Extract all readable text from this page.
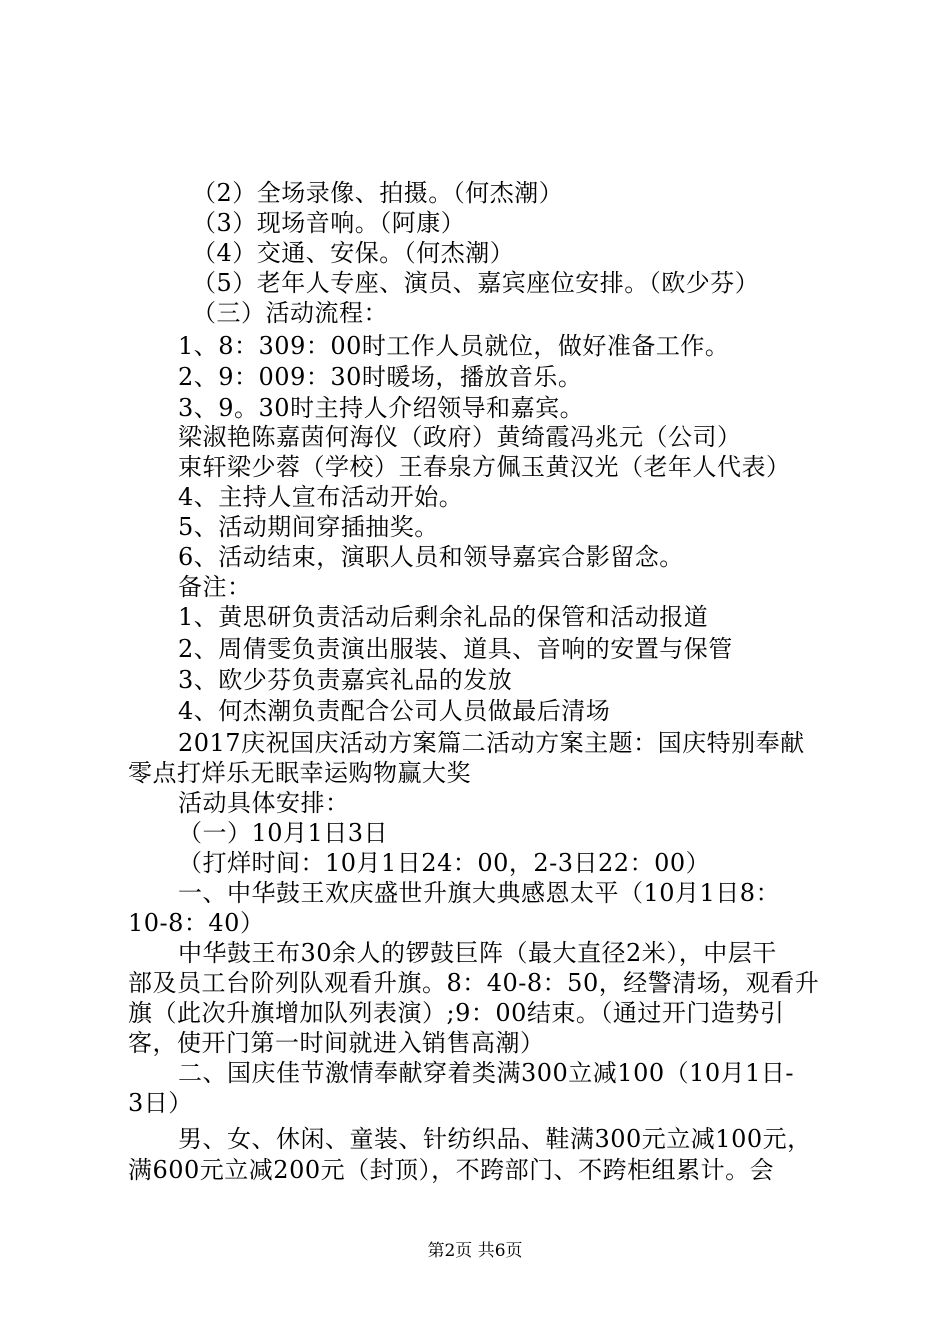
（2）全场录像、拍摄。（何杰潮）
（3）现场音响。（阿康）
（4）交通、安保。（何杰潮）
（5）老年人专座、演员、嘉宾座位安排。（欧少芬）
（三）活动流程：
1、8：309：00时工作人员就位，做好准备工作。
2、9：009：30时暖场，播放音乐。
3、9。30时主持人介绍领导和嘉宾。
梁淑艳陈嘉茵何海仪（政府）黄绮霞冯兆元（公司）
束轩梁少蓉（学校）王春泉方佩玉黄汉光（老年人代表）
4、主持人宣布活动开始。
5、活动期间穿插抽奖。
6、活动结束，演职人员和领导嘉宾合影留念。
备注：
1、黄思研负责活动后剩余礼品的保管和活动报道
2、周倩雯负责演出服装、道具、音响的安置与保管
3、欧少芬负责嘉宾礼品的发放
4、何杰潮负责配合公司人员做最后清场
2017庆祝国庆活动方案篇二活动方案主题：国庆特别奉献
零点打烊乐无眠幸运购物赢大奖
活动具体安排：
（一）10月1日3日
（打烊时间：10月1日24：00，2-3日22：00）
一、中华鼓王欢庆盛世升旗大典感恩太平（10月1日8：
10-8：40）
中华鼓王布30余人的锣鼓巨阵（最大直径2米），中层干
部及员工台阶列队观看升旗。8：40-8：50，经警清场，观看升
旗（此次升旗增加队列表演）;9：00结束。（通过开门造势引
客，使开门第一时间就进入销售高潮）
二、国庆佳节激情奉献穿着类满300立减100（10月1日-
3日）
男、女、休闲、童装、针纺织品、鞋满300元立减100元，
满600元立减200元（封顶），不跨部门、不跨柜组累计。会
第2页 共6页
